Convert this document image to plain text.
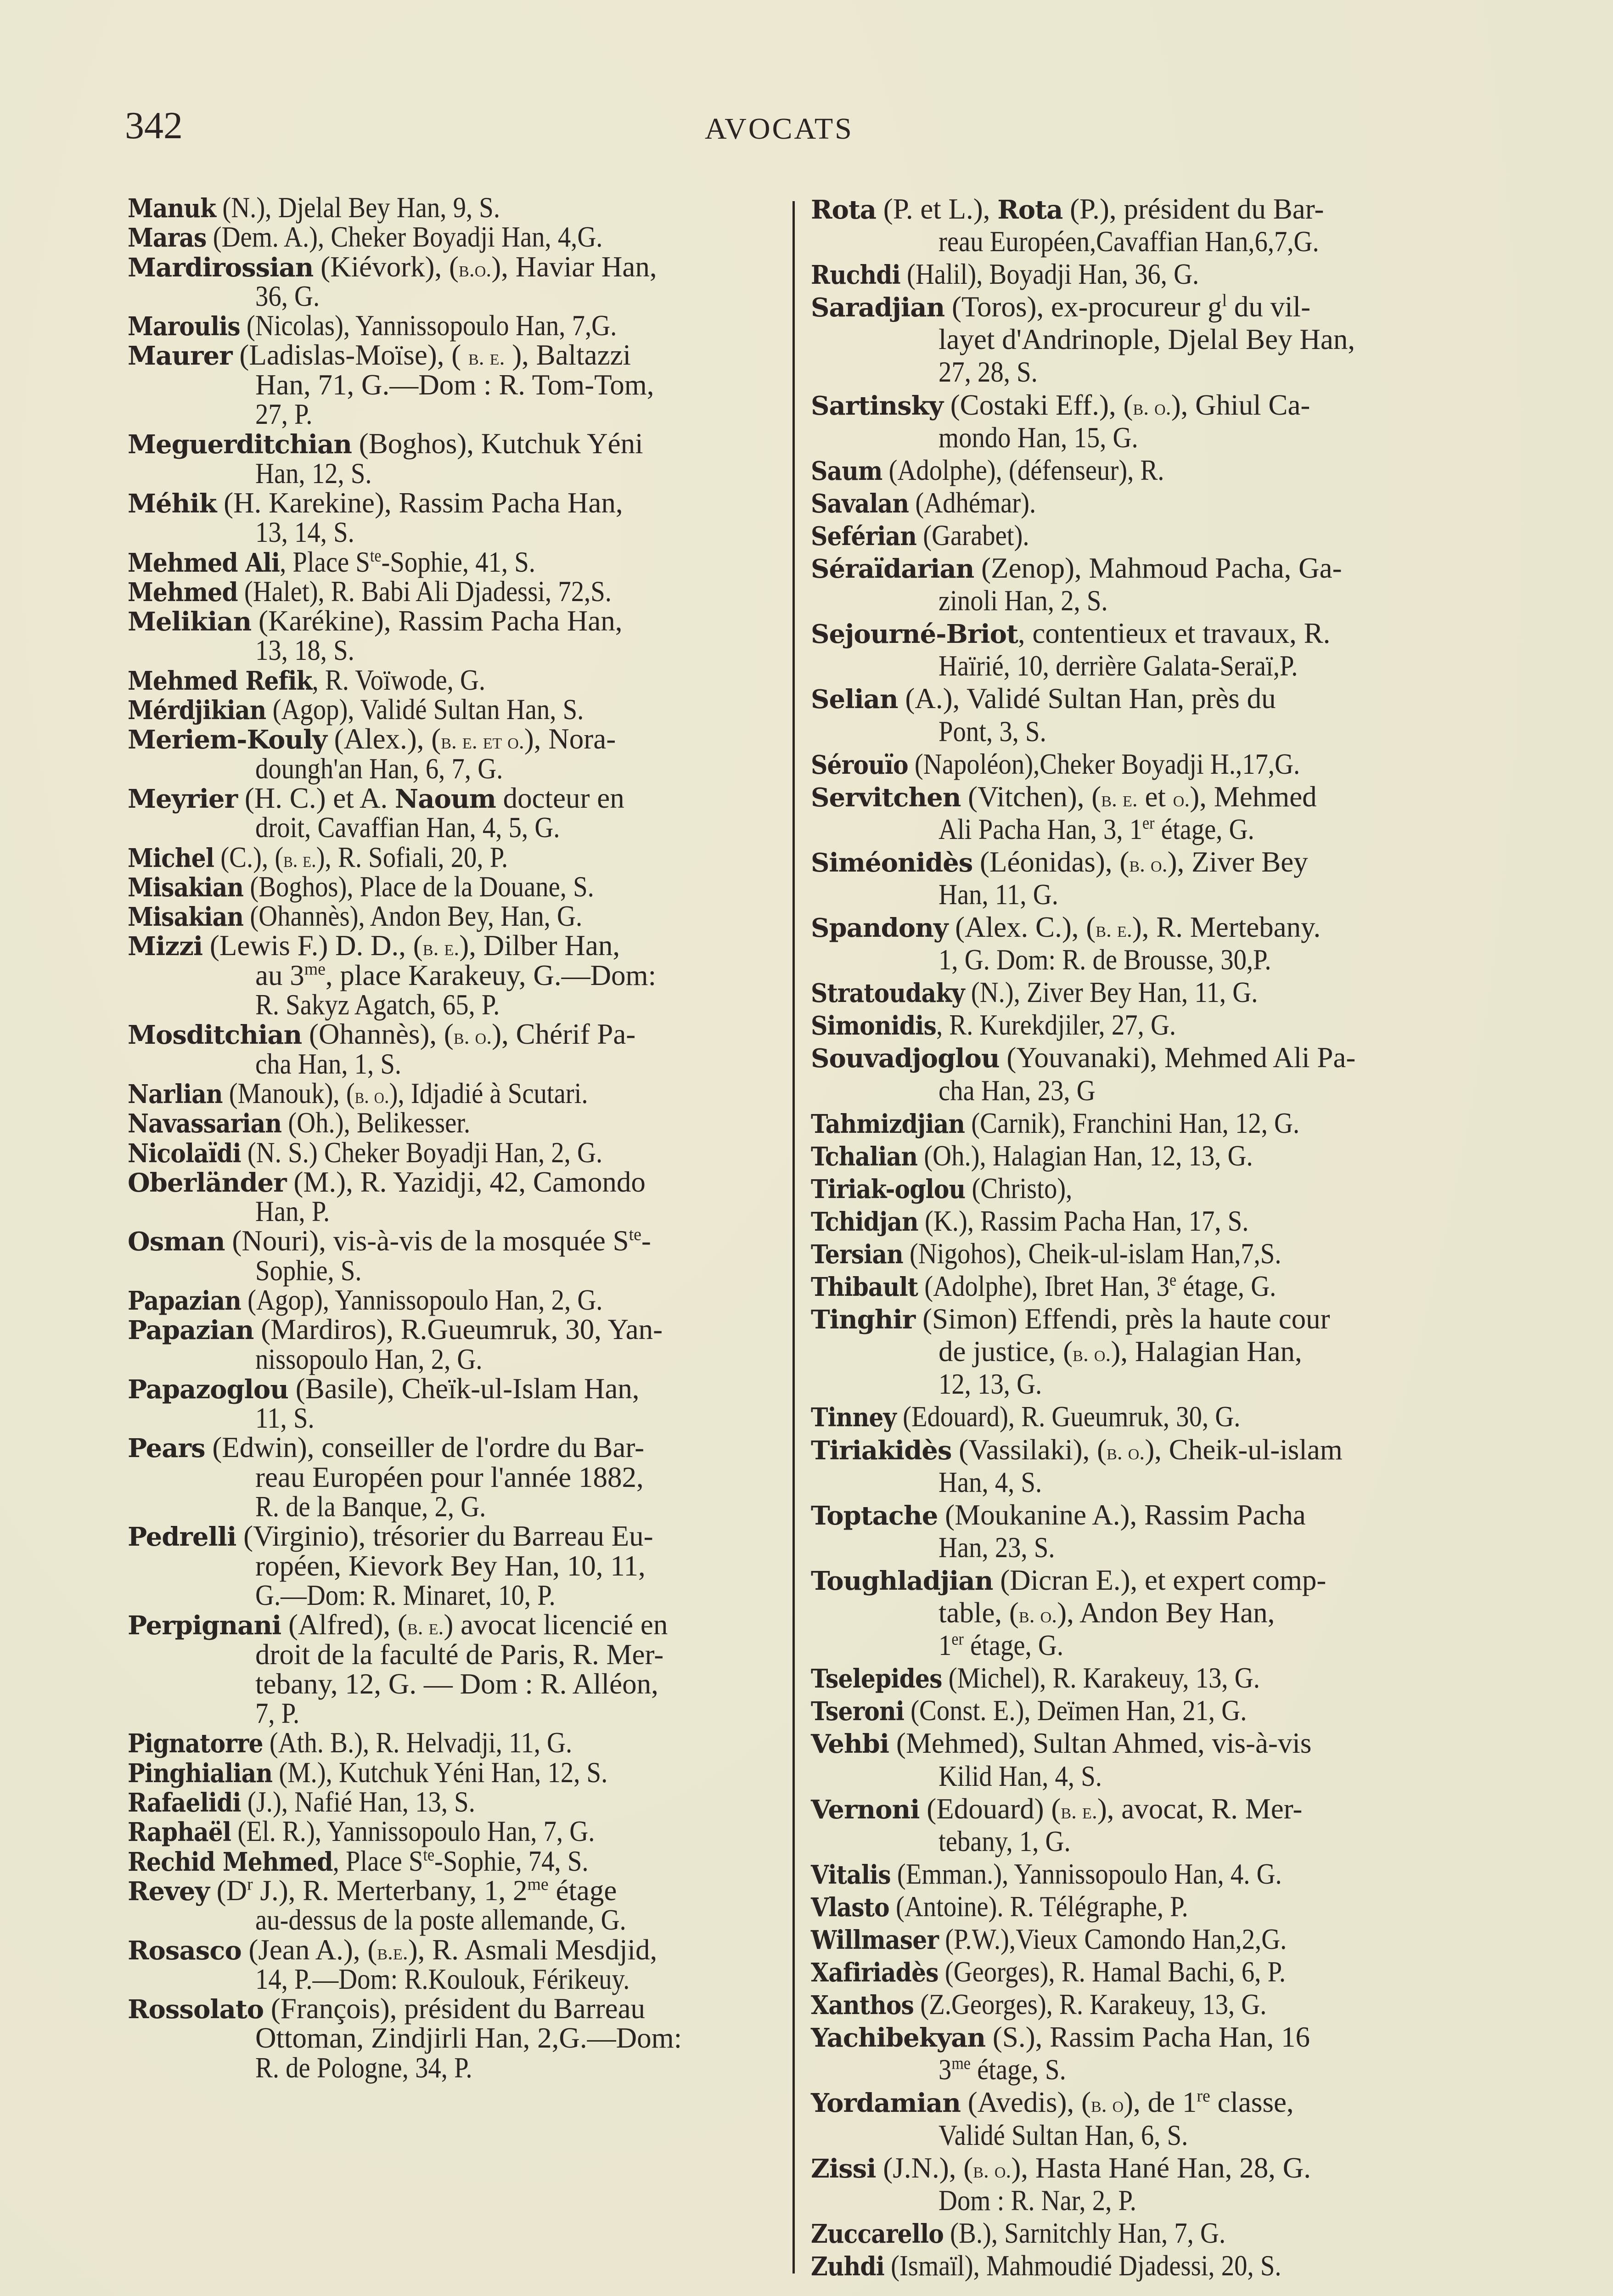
342	AVOCATS
Manuk (N.), Djelal Bey Han, 9, S.
Maras (Dem. A.), Cheker Boyadji Han, 4,G.
Mardirossian (Kiévork), (b.o.), Haviar Han,
36, G.
Maroulis (Nicolas), Yannissopoulo Han, 7,G.
Maurer (Ladislas-Moïse), ( b. e. ), Baltazzi
Han, 71, G.—Dom : R. Tom-Tom,
27, P.
Meguerditchian (Boghos), Kutchuk Yéni
Han, 12, S.
Méhik (H. Karekine), Rassim Pacha Han,
13, 14, S.
Mehmed Ali, Place $S^{te}$-Sophie, 41, S.
Mehmed (Halet), R. Babi Ali Djadessi, 72,S.
Melikian (Karékine), Rassim Pacha Han,
13, 18, S.
Mehmed Refik, R. Voïwode, G.
Mérdjikian (Agop), Validé Sultan Han, S.
Meriem-Kouly (Alex.), (b. e. et o.), Nora-
doungh'an Han, 6, 7, G.
Meyrier (H. C.) et A. Naoum docteur en
droit, Cavaffian Han, 4, 5, G.
Michel (C.), (b. e.), R. Sofiali, 20, P.
Misakian (Boghos), Place de la Douane, S.
Misakian (Ohannès), Andon Bey, Han, G.
Mizzi (Lewis F.) D. D., (b. e.), Dilber Han,
au $3^{me}$, place Karakeuy, G.—Dom:
R. Sakyz Agatch, 65, P.
Mosditchian (Ohannès), (b. o.), Chérif Pa-
cha Han, 1, S.
Narlian (Manouk), (b. o.), Idjadié à Scutari.
Navassarian (Oh.), Belikesser.
Nicolaïdi (N. S.) Cheker Boyadji Han, 2, G.
Oberländer (M.), R. Yazidji, 42, Camondo
Han, P.
Osman (Nouri), vis-à-vis de la mosquée $S^{te}-$
Sophie, S.
Papazian (Agop), Yannissopoulo Han, 2, G.
Papazian (Mardiros), R.Gueumruk, 30, Yan-
nissopoulo Han, 2, G.
Papazoglou (Basile), Cheïk-ul-Islam Han,
11, S.
Pears (Edwin), conseiller de l'ordre du Bar-
reau Européen pour l'année 1882,
R. de la Banque, 2, G.
Pedrelli (Virginio), trésorier du Barreau Eu-
ropéen, Kievork Bey Han, 10, 11,
G.—Dom: R. Minaret, 10, P.
Perpignani (Alfred), (b. e.) avocat licencié en
droit de la faculté de Paris, R. Mer-
tebany, 12, G. — Dom : R. Alléon,
7, P.
Pignatorre (Ath. B.), R. Helvadji, 11, G.
Pinghialian (M.), Kutchuk Yéni Han, 12, S.
Rafaelidi (J.), Nafié Han, 13, S.
Raphaël (El. R.), Yannissopoulo Han, 7, G.
Rechid Mehmed, Place $S^{te}$-Sophie, 74, S.
Revey ($D^r$ J.), R. Merterbany, 1, $2^{me}$ étage
au-dessus de la poste allemande, G.
Rosasco (Jean A.), (b.e.), R. Asmali Mesdjid,
14, P.—Dom: R.Koulouk, Férikeuy.
Rossolato (François), président du Barreau
Ottoman, Zindjirli Han, 2,G.—Dom:
R. de Pologne, 34, P.
Rota (P. et L.), Rota (P.), président du Bar-
reau Européen,Cavaffian Han,6,7,G.
Ruchdi (Halil), Boyadji Han, 36, G.
Saradjian (Toros), ex-procureur $g^l$ du vil-
layet d'Andrinople, Djelal Bey Han,
27, 28, S.
Sartinsky (Costaki Eff.), (b. o.), Ghiul Ca-
mondo Han, 15, G.
Saum (Adolphe), (défenseur), R.
Savalan (Adhémar).
Seférian (Garabet).
Séraïdarian (Zenop), Mahmoud Pacha, Ga-
zinoli Han, 2, S.
Sejourné-Briot, contentieux et travaux, R.
Haïrié, 10, derrière Galata-Seraï,P.
Selian (A.), Validé Sultan Han, près du
Pont, 3, S.
Sérouïo (Napoléon),Cheker Boyadji H.,17,G.
Servitchen (Vitchen), (b. e. et o.), Mehmed
Ali Pacha Han, 3, 1er étage, G.
Siméonidès (Léonidas), (b. o.), Ziver Bey
Han, 11, G.
Spandony (Alex. C.), (b. e.), R. Mertebany.
1, G. Dom: R. de Brousse, 30,P.
Stratoudaky (N.), Ziver Bey Han, 11, G.
Simonidis, R. Kurekdjiler, 27, G.
Souvadjoglou (Youvanaki), Mehmed Ali Pa-
cha Han, 23, G
Tahmizdjian (Carnik), Franchini Han, 12, G.
Tchalian (Oh.), Halagian Han, 12, 13, G.
Tiriak-oglou (Christo),
Tchidjan (K.), Rassim Pacha Han, 17, S.
Tersian (Nigohos), Cheik-ul-islam Han,7,S.
Thibault (Adolphe), Ibret Han, 3e étage, G.
Tinghir (Simon) Effendi, près la haute cour
de justice, (b. o.), Halagian Han,
12, 13, G.
Tinney (Edouard), R. Gueumruk, 30, G.
Tiriakidès (Vassilaki), (b. o.), Cheik-ul-islam
Han, 4, S.
Toptache (Moukanine A.), Rassim Pacha
Han, 23, S.
Toughladjian (Dicran E.), et expert comp-
table, (b. o.), Andon Bey Han,
1er étage, G.
Tselepides (Michel), R. Karakeuy, 13, G.
Tseroni (Const. E.), Deïmen Han, 21, G.
Vehbi (Mehmed), Sultan Ahmed, vis-à-vis
Kilid Han, 4, S.
Vernoni (Edouard) (b. e.), avocat, R. Mer-
tebany, 1, G.
Vitalis (Emman.), Yannissopoulo Han, 4. G.
Vlasto (Antoine). R. Télégraphe, P.
Willmaser (P.W.),Vieux Camondo Han,2,G.
Xafiriadès (Georges), R. Hamal Bachi, 6, P.
Xanthos (Z.Georges), R. Karakeuy, 13, G.
Yachibekyan (S.), Rassim Pacha Han, 16
$3^{me}$ étage, S.
Yordamian (Avedis), (b. o), de 1re classe,
Validé Sultan Han, 6, S.
Zissi (J.N.), (b. o.), Hasta Hané Han, 28, G.
Dom : R. Nar, 2, P.
Zuccarello (B.), Sarnitchly Han, 7, G.
Zuhdi (Ismaïl), Mahmoudié Djadessi, 20, S.
